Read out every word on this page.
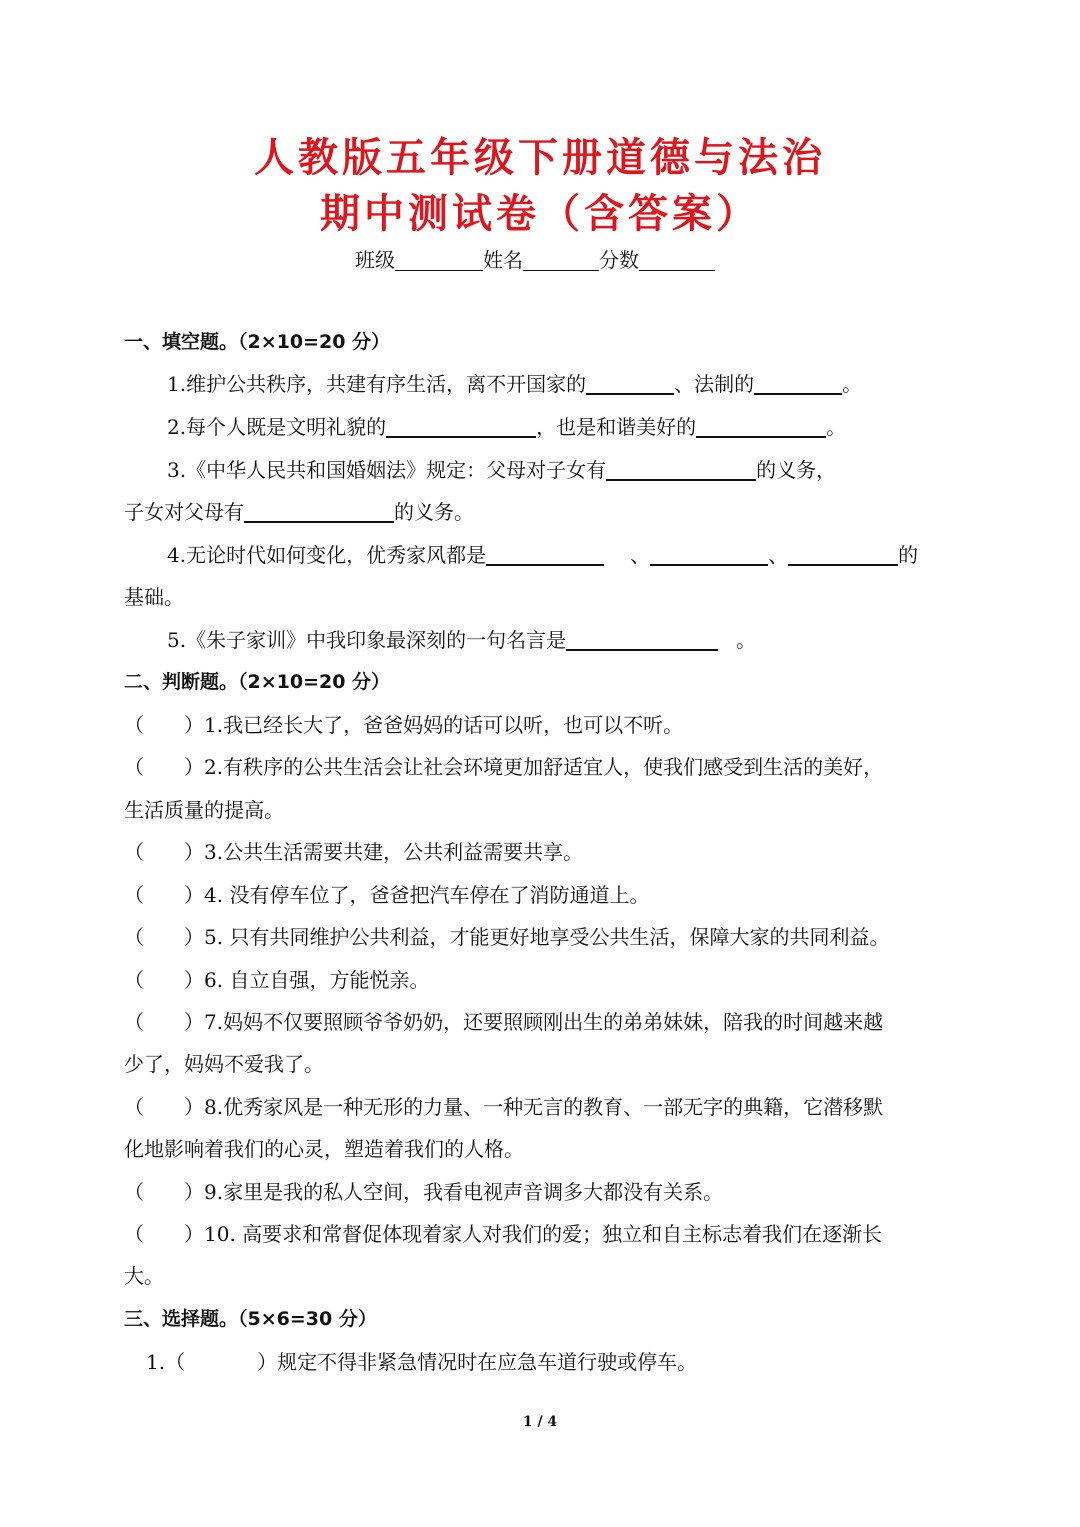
人教版五年级下册道德与法治
期中测试卷（含答案）
班级	姓名	分数
一、填空题。（2×10=20 分）
1.维护公共秩序，共建有序生活，离不开国家的	、法制的	。
2.每个人既是文明礼貌的	，也是和谐美好的	。
3.《中华人民共和国婚姻法》规定：父母对子女有	的义务，
子女对父母有	的义务。
4.无论时代如何变化，优秀家风都是	、	、	的
基础。
5.《朱子家训》中我印象最深刻的一句名言是	。
二、判断题。（2×10=20 分）
（ ）1.我已经长大了，爸爸妈妈的话可以听，也可以不听。
（ ）2.有秩序的公共生活会让社会环境更加舒适宜人，使我们感受到生活的美好，
生活质量的提高。
（ ）3.公共生活需要共建，公共利益需要共享。
（ ）4. 没有停车位了，爸爸把汽车停在了消防通道上。
（ ）5. 只有共同维护公共利益，才能更好地享受公共生活，保障大家的共同利益。
（ ）6. 自立自强，方能悦亲。
（ ）7.妈妈不仅要照顾爷爷奶奶，还要照顾刚出生的弟弟妹妹，陪我的时间越来越
少了，妈妈不爱我了。
（ ）8.优秀家风是一种无形的力量、一种无言的教育、一部无字的典籍，它潜移默
化地影响着我们的心灵，塑造着我们的人格。
（ ）9.家里是我的私人空间，我看电视声音调多大都没有关系。
（ ）10. 高要求和常督促体现着家人对我们的爱；独立和自主标志着我们在逐渐长
大。
三、选择题。（5×6=30 分）
1.（	）规定不得非紧急情况时在应急车道行驶或停车。
1 / 4
